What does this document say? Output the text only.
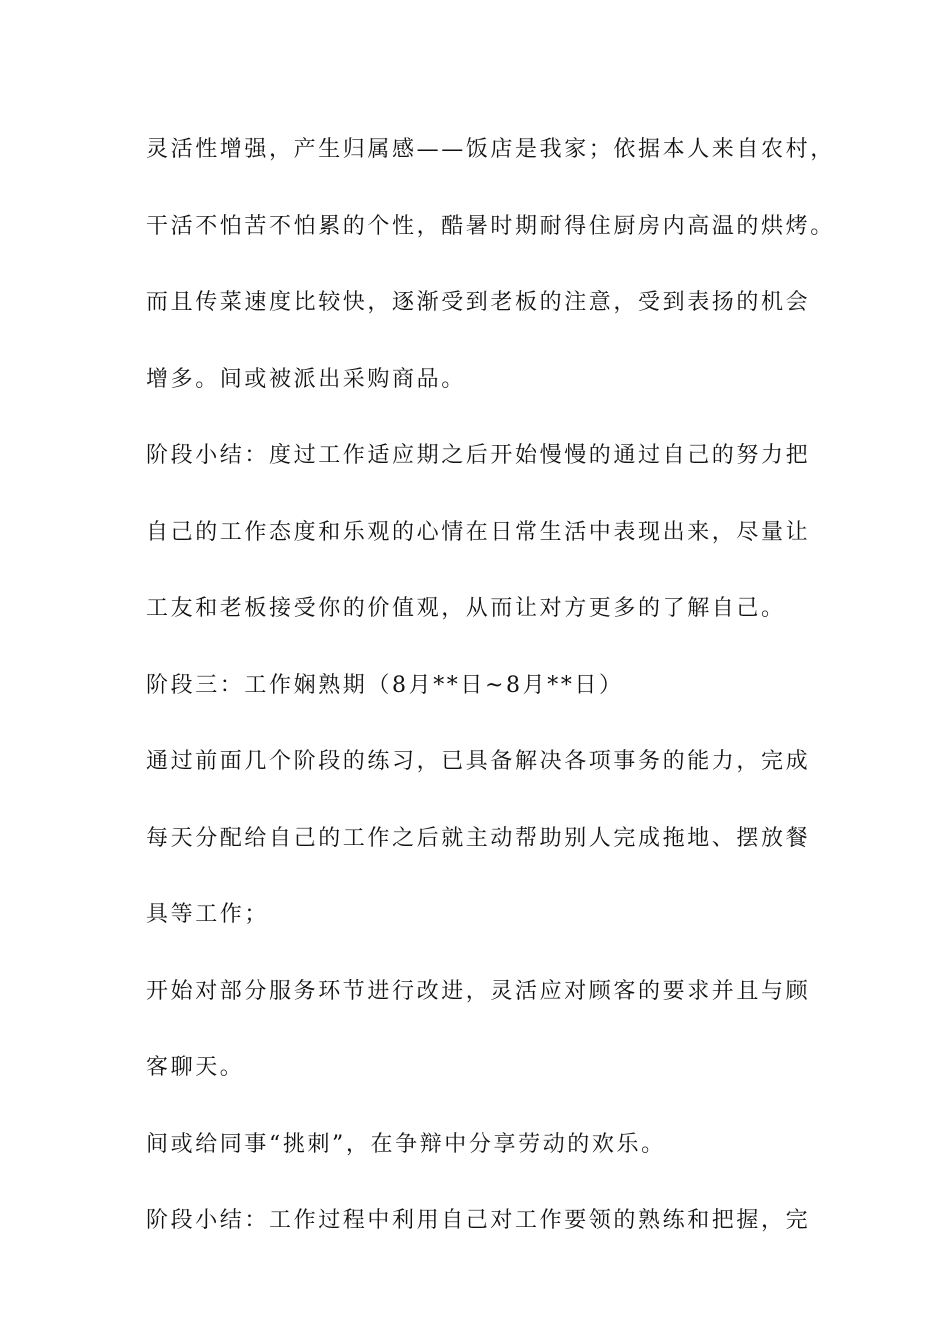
灵活性增强，产生归属感——饭店是我家；依据本人来自农村，
干活不怕苦不怕累的个性，酷暑时期耐得住厨房内高温的烘烤。
而且传菜速度比较快，逐渐受到老板的注意，受到表扬的机会
增多。间或被派出采购商品。
阶段小结：度过工作适应期之后开始慢慢的通过自己的努力把
自己的工作态度和乐观的心情在日常生活中表现出来，尽量让
工友和老板接受你的价值观，从而让对方更多的了解自己。
阶段三：工作娴熟期（8月**日~8月**日）
通过前面几个阶段的练习，已具备解决各项事务的能力，完成
每天分配给自己的工作之后就主动帮助别人完成拖地、摆放餐
具等工作；
开始对部分服务环节进行改进，灵活应对顾客的要求并且与顾
客聊天。
间或给同事“挑刺”，在争辩中分享劳动的欢乐。
阶段小结：工作过程中利用自己对工作要领的熟练和把握，完
